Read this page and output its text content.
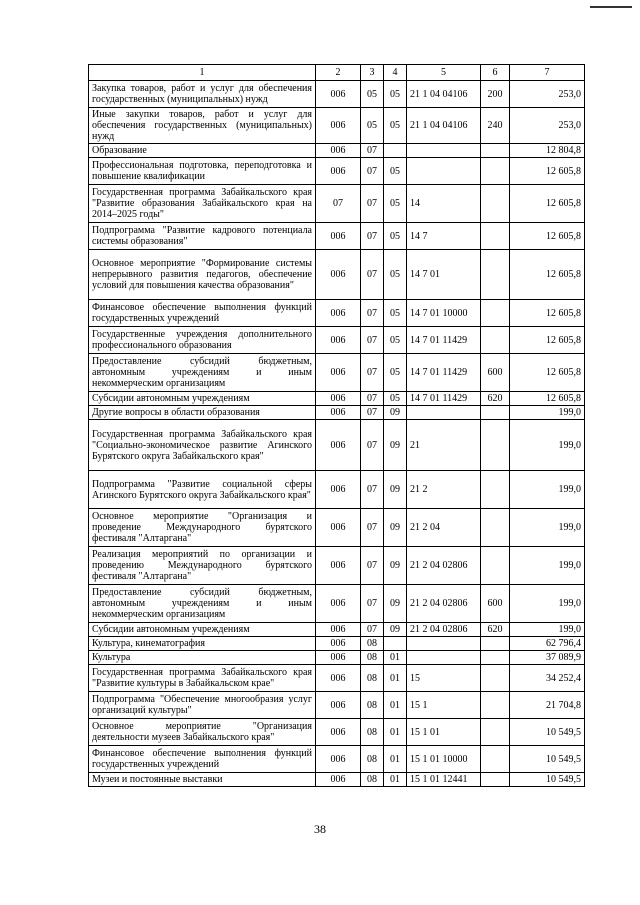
1	2	3	4	5	6	7
Закупка товаров, работ и услуг для обеспечения государственных (муниципальных) нужд	006	05	05	21 1 04 04106	200	253,0
Иные закупки товаров, работ и услуг для обеспечения государственных (муниципальных) нужд	006	05	05	21 1 04 04106	240	253,0
Образование	006	07				12 804,8
Профессиональная подготовка, переподготовка и повышение квалификации	006	07	05			12 605,8
Государственная программа Забайкальского края "Развитие образования Забайкальского края на 2014–2025 годы"	07	07	05	14		12 605,8
Подпрограмма "Развитие кадрового потенциала системы образования"	006	07	05	14 7		12 605,8
Основное мероприятие "Формирование системы непрерывного развития педагогов, обеспечение условий для повышения качества образования"	006	07	05	14 7 01		12 605,8
Финансовое обеспечение выполнения функций государственных учреждений	006	07	05	14 7 01 10000		12 605,8
Государственные учреждения дополнительного профессионального образования	006	07	05	14 7 01 11429		12 605,8
Предоставление субсидий бюджетным, автономным учреждениям и иным некоммерческим организациям	006	07	05	14 7 01 11429	600	12 605,8
Субсидии автономным учреждениям	006	07	05	14 7 01 11429	620	12 605,8
Другие вопросы в области образования	006	07	09			199,0
Государственная программа Забайкальского края "Социально-экономическое развитие Агинского Бурятского округа Забайкальского края"	006	07	09	21		199,0
Подпрограмма "Развитие социальной сферы Агинского Бурятского округа Забайкальского края"	006	07	09	21 2		199,0
Основное мероприятие "Организация и проведение Международного бурятского фестиваля "Алтаргана"	006	07	09	21 2 04		199,0
Реализация мероприятий по организации и проведению Международного бурятского фестиваля "Алтаргана"	006	07	09	21 2 04 02806		199,0
Предоставление субсидий бюджетным, автономным учреждениям и иным некоммерческим организациям	006	07	09	21 2 04 02806	600	199,0
Субсидии автономным учреждениям	006	07	09	21 2 04 02806	620	199,0
Культура, кинематография	006	08				62 796,4
Культура	006	08	01			37 089,9
Государственная программа Забайкальского края "Развитие культуры в Забайкальском крае"	006	08	01	15		34 252,4
Подпрограмма "Обеспечение многообразия услуг организаций культуры"	006	08	01	15 1		21 704,8
Основное мероприятие "Организация деятельности музеев Забайкальского края"	006	08	01	15 1 01		10 549,5
Финансовое обеспечение выполнения функций государственных учреждений	006	08	01	15 1 01 10000		10 549,5
Музеи и постоянные выставки	006	08	01	15 1 01 12441		10 549,5
38
